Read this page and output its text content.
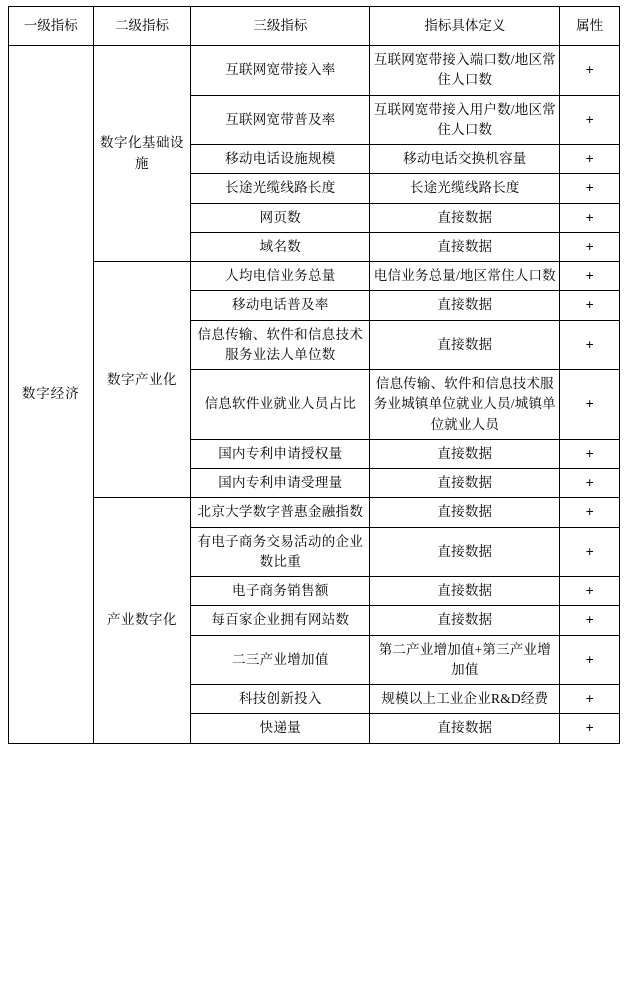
一级指标	二级指标	三级指标	指标具体定义	属性
数字经济	数字化基础设施	互联网宽带接入率	互联网宽带接入端口数/地区常住人口数	+
		互联网宽带普及率	互联网宽带接入用户数/地区常住人口数	+
		移动电话设施规模	移动电话交换机容量	+
		长途光缆线路长度	长途光缆线路长度	+
		网页数	直接数据	+
		域名数	直接数据	+
	数字产业化	人均电信业务总量	电信业务总量/地区常住人口数	+
		移动电话普及率	直接数据	+
		信息传输、软件和信息技术服务业法人单位数	直接数据	+
		信息软件业就业人员占比	信息传输、软件和信息技术服务业城镇单位就业人员/城镇单位就业人员	+
		国内专利申请授权量	直接数据	+
		国内专利申请受理量	直接数据	+
	产业数字化	北京大学数字普惠金融指数	直接数据	+
		有电子商务交易活动的企业数比重	直接数据	+
		电子商务销售额	直接数据	+
		每百家企业拥有网站数	直接数据	+
		二三产业增加值	第二产业增加值+第三产业增加值	+
		科技创新投入	规模以上工业企业R&D经费	+
		快递量	直接数据	+
